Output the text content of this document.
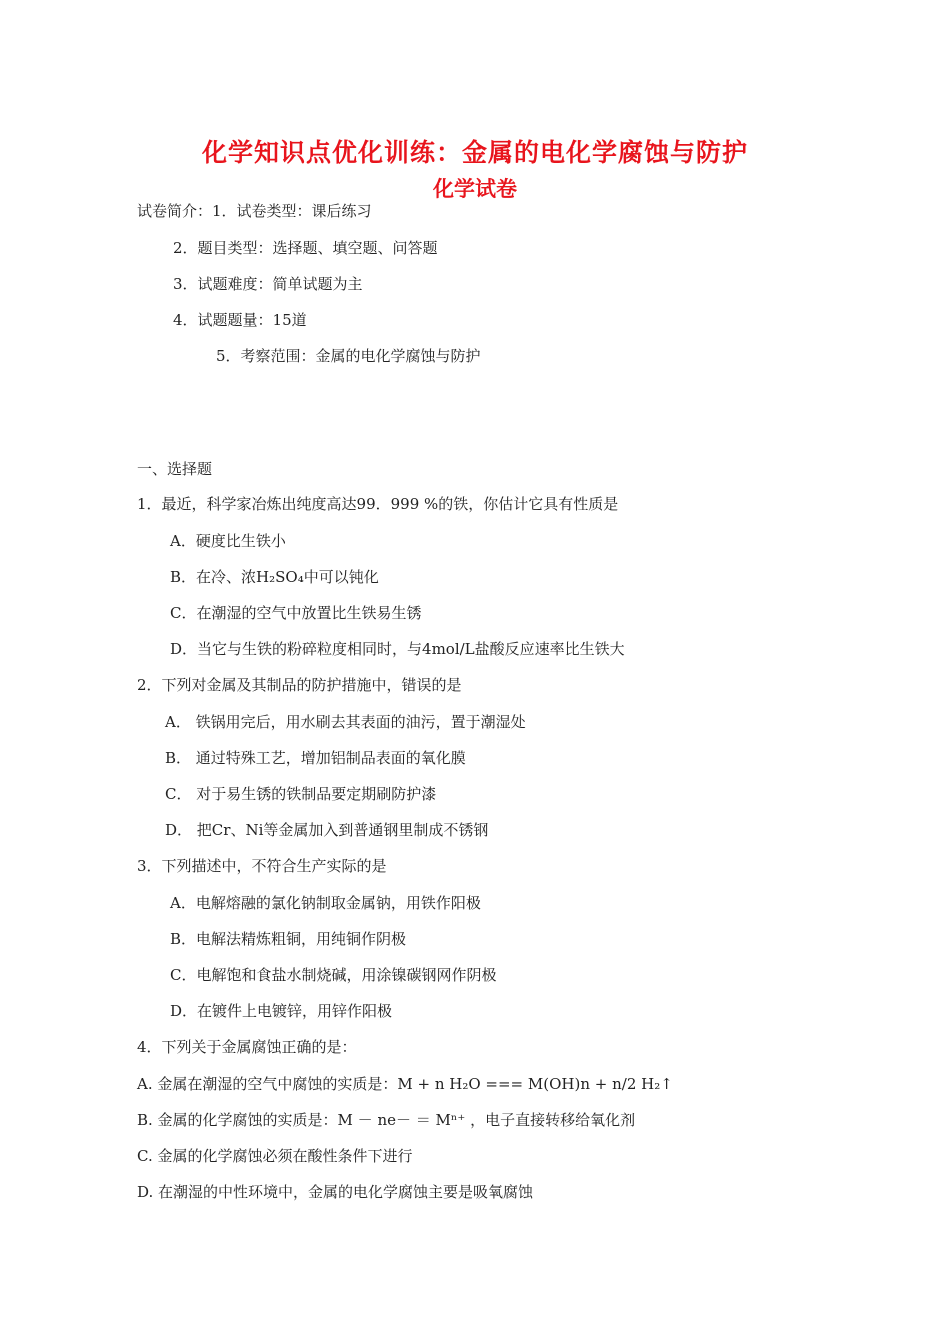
化学知识点优化训练：金属的电化学腐蚀与防护
化学试卷
试卷简介：1．试卷类型：课后练习
2．题目类型：选择题、填空题、问答题
3．试题难度：简单试题为主
4．试题题量：15道
5．考察范围：金属的电化学腐蚀与防护
一、选择题
1．最近，科学家冶炼出纯度高达99．999 %的铁，你估计它具有性质是
A．硬度比生铁小
B．在冷、浓H₂SO₄中可以钝化
C．在潮湿的空气中放置比生铁易生锈
D．当它与生铁的粉碎粒度相同时，与4mol/L盐酸反应速率比生铁大
2．下列对金属及其制品的防护措施中，错误的是
A． 铁锅用完后，用水刷去其表面的油污，置于潮湿处
B． 通过特殊工艺，增加铝制品表面的氧化膜
C． 对于易生锈的铁制品要定期刷防护漆
D． 把Cr、Ni等金属加入到普通钢里制成不锈钢
3．下列描述中，不符合生产实际的是
A．电解熔融的氯化钠制取金属钠，用铁作阳极
B．电解法精炼粗铜，用纯铜作阴极
C．电解饱和食盐水制烧碱，用涂镍碳钢网作阴极
D．在镀件上电镀锌，用锌作阳极
4．下列关于金属腐蚀正确的是：
A. 金属在潮湿的空气中腐蚀的实质是：M + n H₂O === M(OH)n + n/2 H₂↑
B. 金属的化学腐蚀的实质是：M － ne－ ＝ Mⁿ⁺ ，电子直接转移给氧化剂
C. 金属的化学腐蚀必须在酸性条件下进行
D. 在潮湿的中性环境中，金属的电化学腐蚀主要是吸氧腐蚀
